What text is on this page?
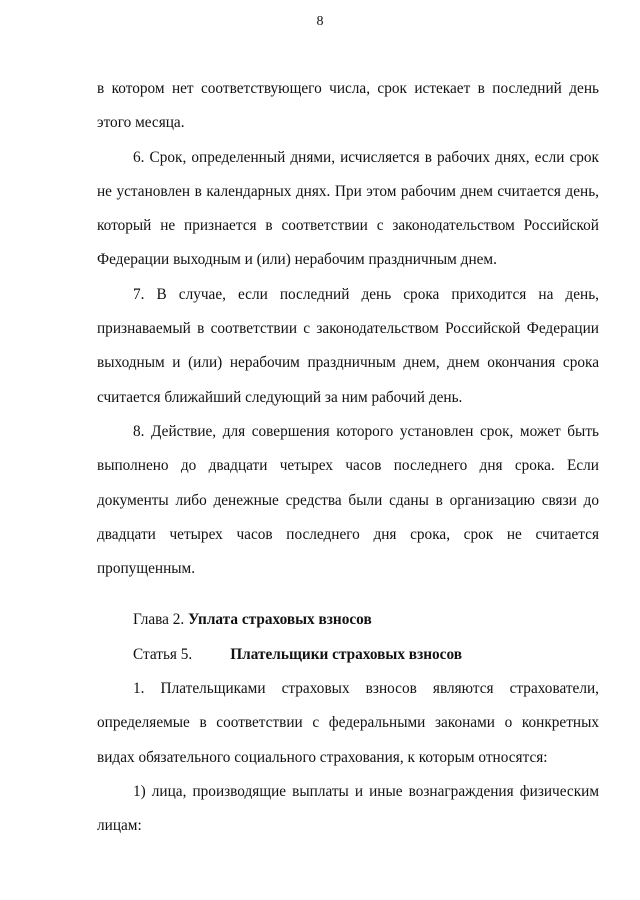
8

в котором нет соответствующего числа, срок истекает в последний день этого месяца.

6. Срок, определенный днями, исчисляется в рабочих днях, если срок не установлен в календарных днях. При этом рабочим днем считается день, который не признается в соответствии с законодательством Российской Федерации выходным и (или) нерабочим праздничным днем.

7. В случае, если последний день срока приходится на день, признаваемый в соответствии с законодательством Российской Федерации выходным и (или) нерабочим праздничным днем, днем окончания срока считается ближайший следующий за ним рабочий день.

8. Действие, для совершения которого установлен срок, может быть выполнено до двадцати четырех часов последнего дня срока. Если документы либо денежные средства были сданы в организацию связи до двадцати четырех часов последнего дня срока, срок не считается пропущенным.

Глава 2. Уплата страховых взносов

Статья 5. Плательщики страховых взносов

1. Плательщиками страховых взносов являются страхователи, определяемые в соответствии с федеральными законами о конкретных видах обязательного социального страхования, к которым относятся:

1) лица, производящие выплаты и иные вознаграждения физическим лицам:
